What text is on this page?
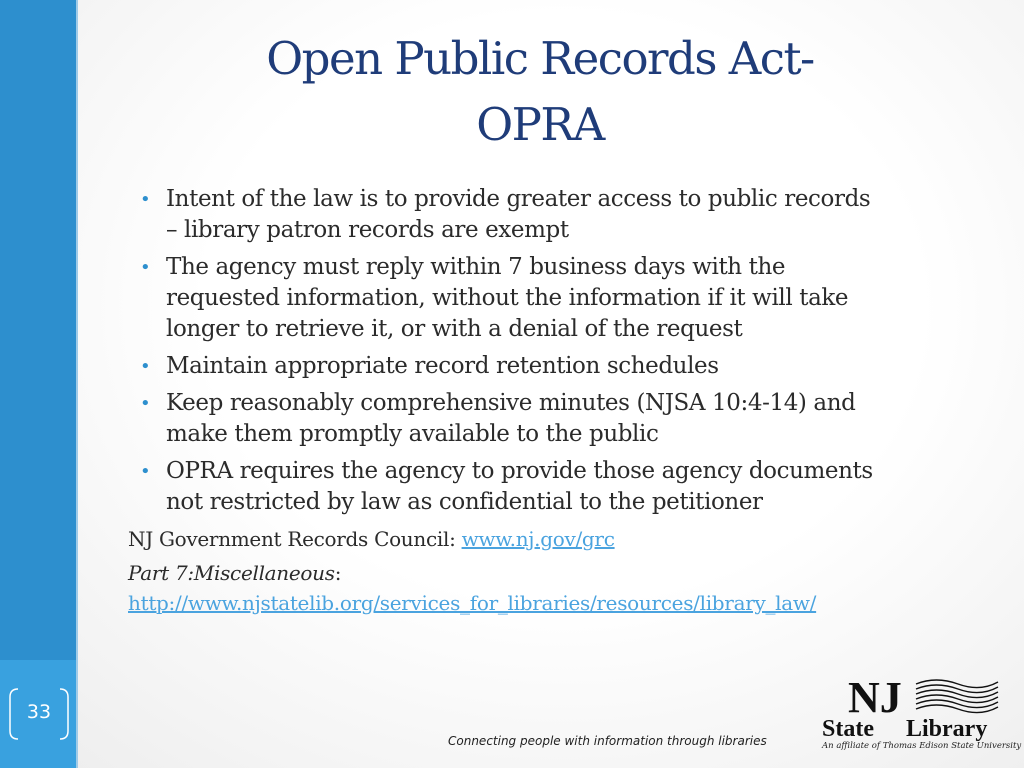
33
Open Public Records Act-
OPRA
• Intent of the law is to provide greater access to public records
– library patron records are exempt
• The agency must reply within 7 business days with the
requested information, without the information if it will take
longer to retrieve it, or with a denial of the request
• Maintain appropriate record retention schedules
• Keep reasonably comprehensive minutes (NJSA 10:4-14) and
make them promptly available to the public
• OPRA requires the agency to provide those agency documents
not restricted by law as confidential to the petitioner
NJ Government Records Council: www.nj.gov/grc
Part 7:Miscellaneous:
http://www.njstatelib.org/services_for_libraries/resources/library_law/
Connecting people with information through libraries
NJ
State Library
An affiliate of Thomas Edison State University
